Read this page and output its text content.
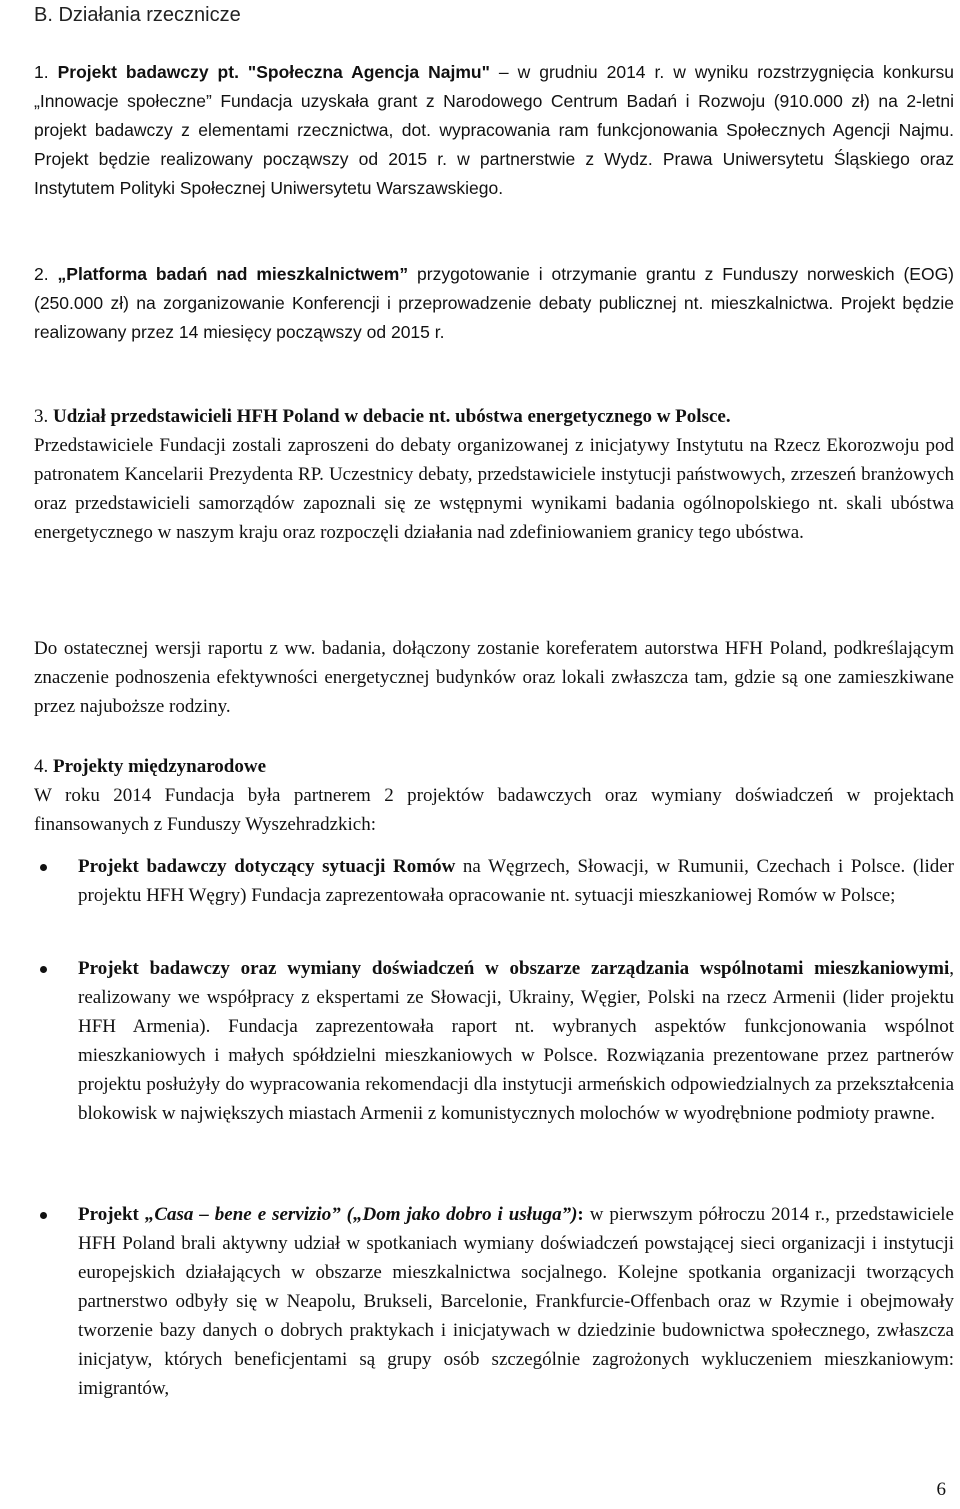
B. Działania rzecznicze
1. Projekt badawczy pt. "Społeczna Agencja Najmu" – w grudniu 2014 r. w wyniku rozstrzygnięcia konkursu „Innowacje społeczne” Fundacja uzyskała grant z Narodowego Centrum Badań i Rozwoju (910.000 zł) na 2-letni projekt badawczy z elementami rzecznictwa, dot. wypracowania ram funkcjonowania Społecznych Agencji Najmu. Projekt będzie realizowany począwszy od 2015 r. w partnerstwie z Wydz. Prawa Uniwersytetu Śląskiego oraz Instytutem Polityki Społecznej Uniwersytetu Warszawskiego.
2. „Platforma badań nad mieszkalnictwem” przygotowanie i otrzymanie grantu z Funduszy norweskich (EOG) (250.000 zł) na zorganizowanie Konferencji i przeprowadzenie debaty publicznej nt. mieszkalnictwa. Projekt będzie realizowany przez 14 miesięcy począwszy od 2015 r.
3. Udział przedstawicieli HFH Poland w debacie nt. ubóstwa energetycznego w Polsce.
Przedstawiciele Fundacji zostali zaproszeni do debaty organizowanej z inicjatywy Instytutu na Rzecz Ekorozwoju pod patronatem Kancelarii Prezydenta RP. Uczestnicy debaty, przedstawiciele instytucji państwowych, zrzeszeń branżowych oraz przedstawicieli samorządów zapoznali się ze wstępnymi wynikami badania ogólnopolskiego nt. skali ubóstwa energetycznego w naszym kraju oraz rozpoczęli działania nad zdefiniowaniem granicy tego ubóstwa.
Do ostatecznej wersji raportu z ww. badania, dołączony zostanie koreferatem autorstwa HFH Poland, podkreślającym znaczenie podnoszenia efektywności energetycznej budynków oraz lokali zwłaszcza tam, gdzie są one zamieszkiwane przez najuboższe rodziny.
4. Projekty międzynarodowe
W roku 2014 Fundacja była partnerem 2 projektów badawczych oraz wymiany doświadczeń w projektach finansowanych z Funduszy Wyszehradzkich:
Projekt badawczy dotyczący sytuacji Romów na Węgrzech, Słowacji, w Rumunii, Czechach i Polsce. (lider projektu HFH Węgry) Fundacja zaprezentowała opracowanie nt. sytuacji mieszkaniowej Romów w Polsce;
Projekt badawczy oraz wymiany doświadczeń w obszarze zarządzania wspólnotami mieszkaniowymi, realizowany we współpracy z ekspertami ze Słowacji, Ukrainy, Węgier, Polski na rzecz Armenii (lider projektu HFH Armenia). Fundacja zaprezentowała raport nt. wybranych aspektów funkcjonowania wspólnot mieszkaniowych i małych spółdzielni mieszkaniowych w Polsce. Rozwiązania prezentowane przez partnerów projektu posłużyły do wypracowania rekomendacji dla instytucji armeńskich odpowiedzialnych za przekształcenia blokowisk w największych miastach Armenii z komunistycznych molochów w wyodrębnione podmioty prawne.
Projekt „Casa – bene e servizio” („Dom jako dobro i usługa”): w pierwszym półroczu 2014 r., przedstawiciele HFH Poland brali aktywny udział w spotkaniach wymiany doświadczeń powstającej sieci organizacji i instytucji europejskich działających w obszarze mieszkalnictwa socjalnego. Kolejne spotkania organizacji tworzących partnerstwo odbyły się w Neapolu, Brukseli, Barcelonie, Frankfurcie-Offenbach oraz w Rzymie i obejmowały tworzenie bazy danych o dobrych praktykach i inicjatywach w dziedzinie budownictwa społecznego, zwłaszcza inicjatyw, których beneficjentami są grupy osób szczególnie zagrożonych wykluczeniem mieszkaniowym: imigrantów,
6
